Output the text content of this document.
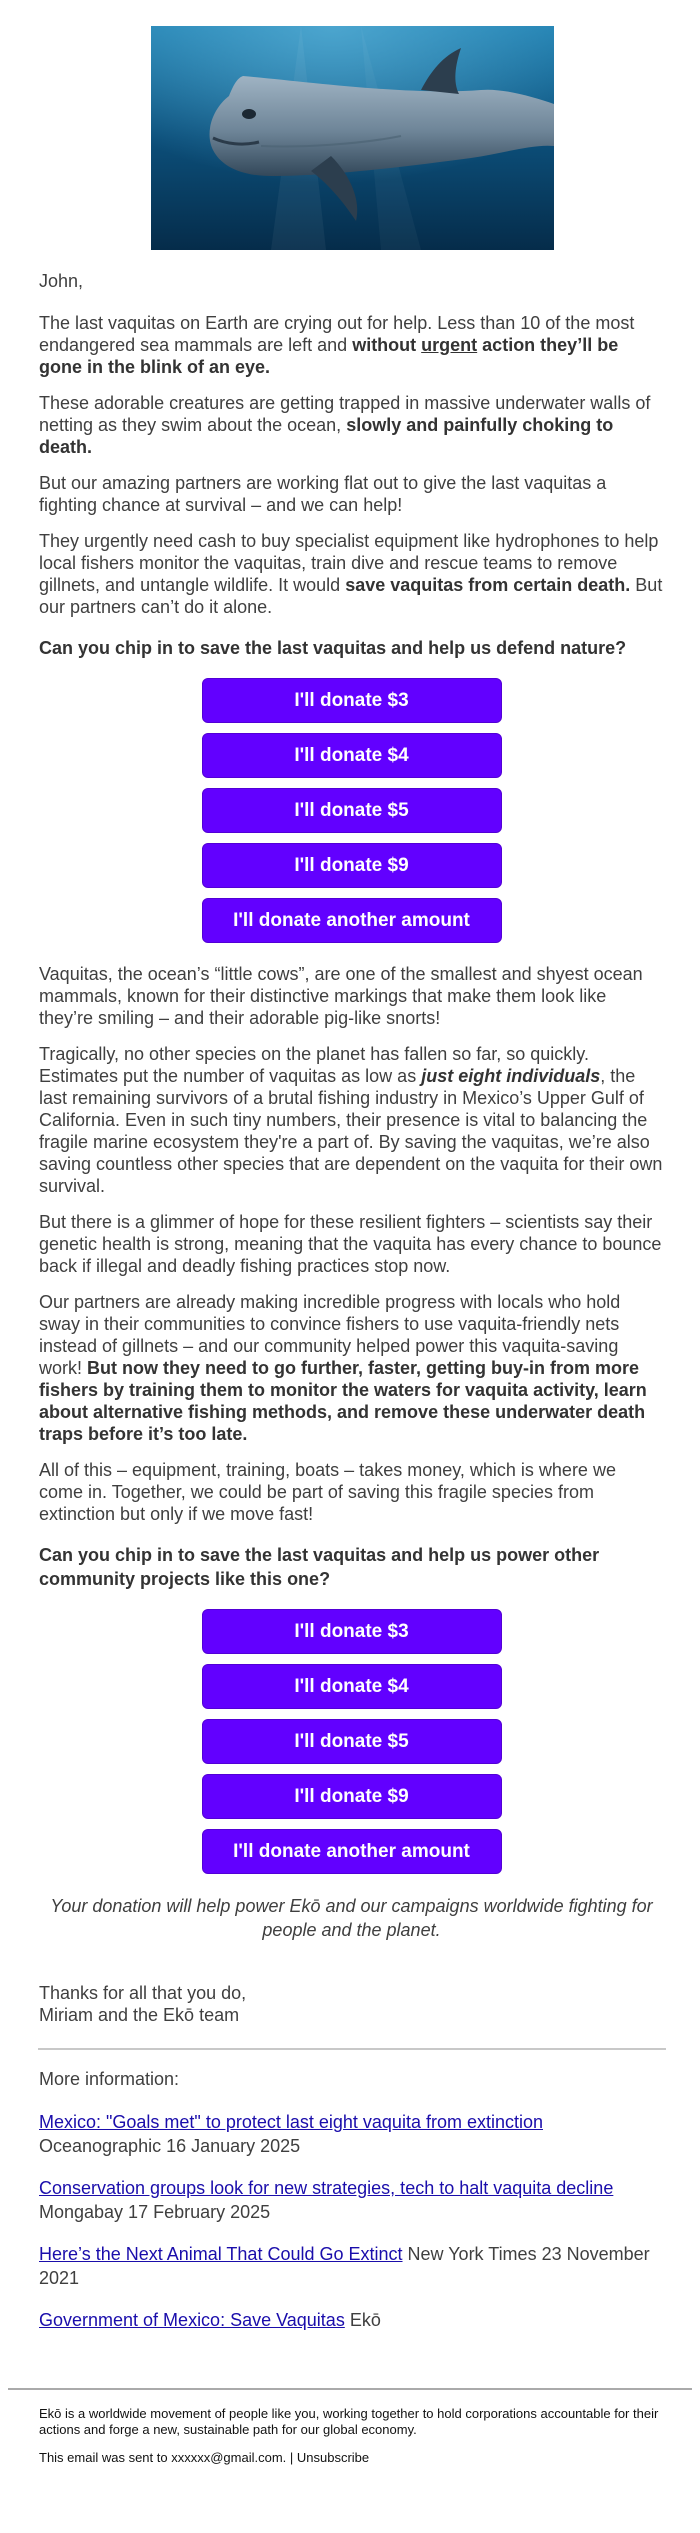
John,

The last vaquitas on Earth are crying out for help. Less than 10 of the most endangered sea mammals are left and without urgent action they’ll be gone in the blink of an eye.

These adorable creatures are getting trapped in massive underwater walls of netting as they swim about the ocean, slowly and painfully choking to death.

But our amazing partners are working flat out to give the last vaquitas a fighting chance at survival – and we can help!

They urgently need cash to buy specialist equipment like hydrophones to help local fishers monitor the vaquitas, train dive and rescue teams to remove gillnets, and untangle wildlife. It would save vaquitas from certain death. But our partners can’t do it alone.

Can you chip in to save the last vaquitas and help us defend nature?
I'll donate $3
I'll donate $4
I'll donate $5
I'll donate $9
I'll donate another amount

Vaquitas, the ocean’s “little cows”, are one of the smallest and shyest ocean mammals, known for their distinctive markings that make them look like they’re smiling – and their adorable pig-like snorts!

Tragically, no other species on the planet has fallen so far, so quickly. Estimates put the number of vaquitas as low as just eight individuals, the last remaining survivors of a brutal fishing industry in Mexico’s Upper Gulf of California. Even in such tiny numbers, their presence is vital to balancing the fragile marine ecosystem they're a part of. By saving the vaquitas, we’re also saving countless other species that are dependent on the vaquita for their own survival.

But there is a glimmer of hope for these resilient fighters – scientists say their genetic health is strong, meaning that the vaquita has every chance to bounce back if illegal and deadly fishing practices stop now.

Our partners are already making incredible progress with locals who hold sway in their communities to convince fishers to use vaquita-friendly nets instead of gillnets – and our community helped power this vaquita-saving work! But now they need to go further, faster, getting buy-in from more fishers by training them to monitor the waters for vaquita activity, learn about alternative fishing methods, and remove these underwater death traps before it’s too late.

All of this – equipment, training, boats – takes money, which is where we come in. Together, we could be part of saving this fragile species from extinction but only if we move fast!

Can you chip in to save the last vaquitas and help us power other community projects like this one?
I'll donate $3
I'll donate $4
I'll donate $5
I'll donate $9
I'll donate another amount
Your donation will help power Ekō and our campaigns worldwide fighting for people and the planet.

Thanks for all that you do,

Miriam and the Ekō team

More information:

Mexico: "Goals met" to protect last eight vaquita from extinction Oceanographic 16 January 2025

Conservation groups look for new strategies, tech to halt vaquita decline Mongabay 17 February 2025

Here’s the Next Animal That Could Go Extinct New York Times 23 November 2021

Government of Mexico: Save Vaquitas Ekō

Ekō is a worldwide movement of people like you, working together to hold corporations accountable for their actions and forge a new, sustainable path for our global economy.

This email was sent to xxxxxx@gmail.com. | Unsubscribe
